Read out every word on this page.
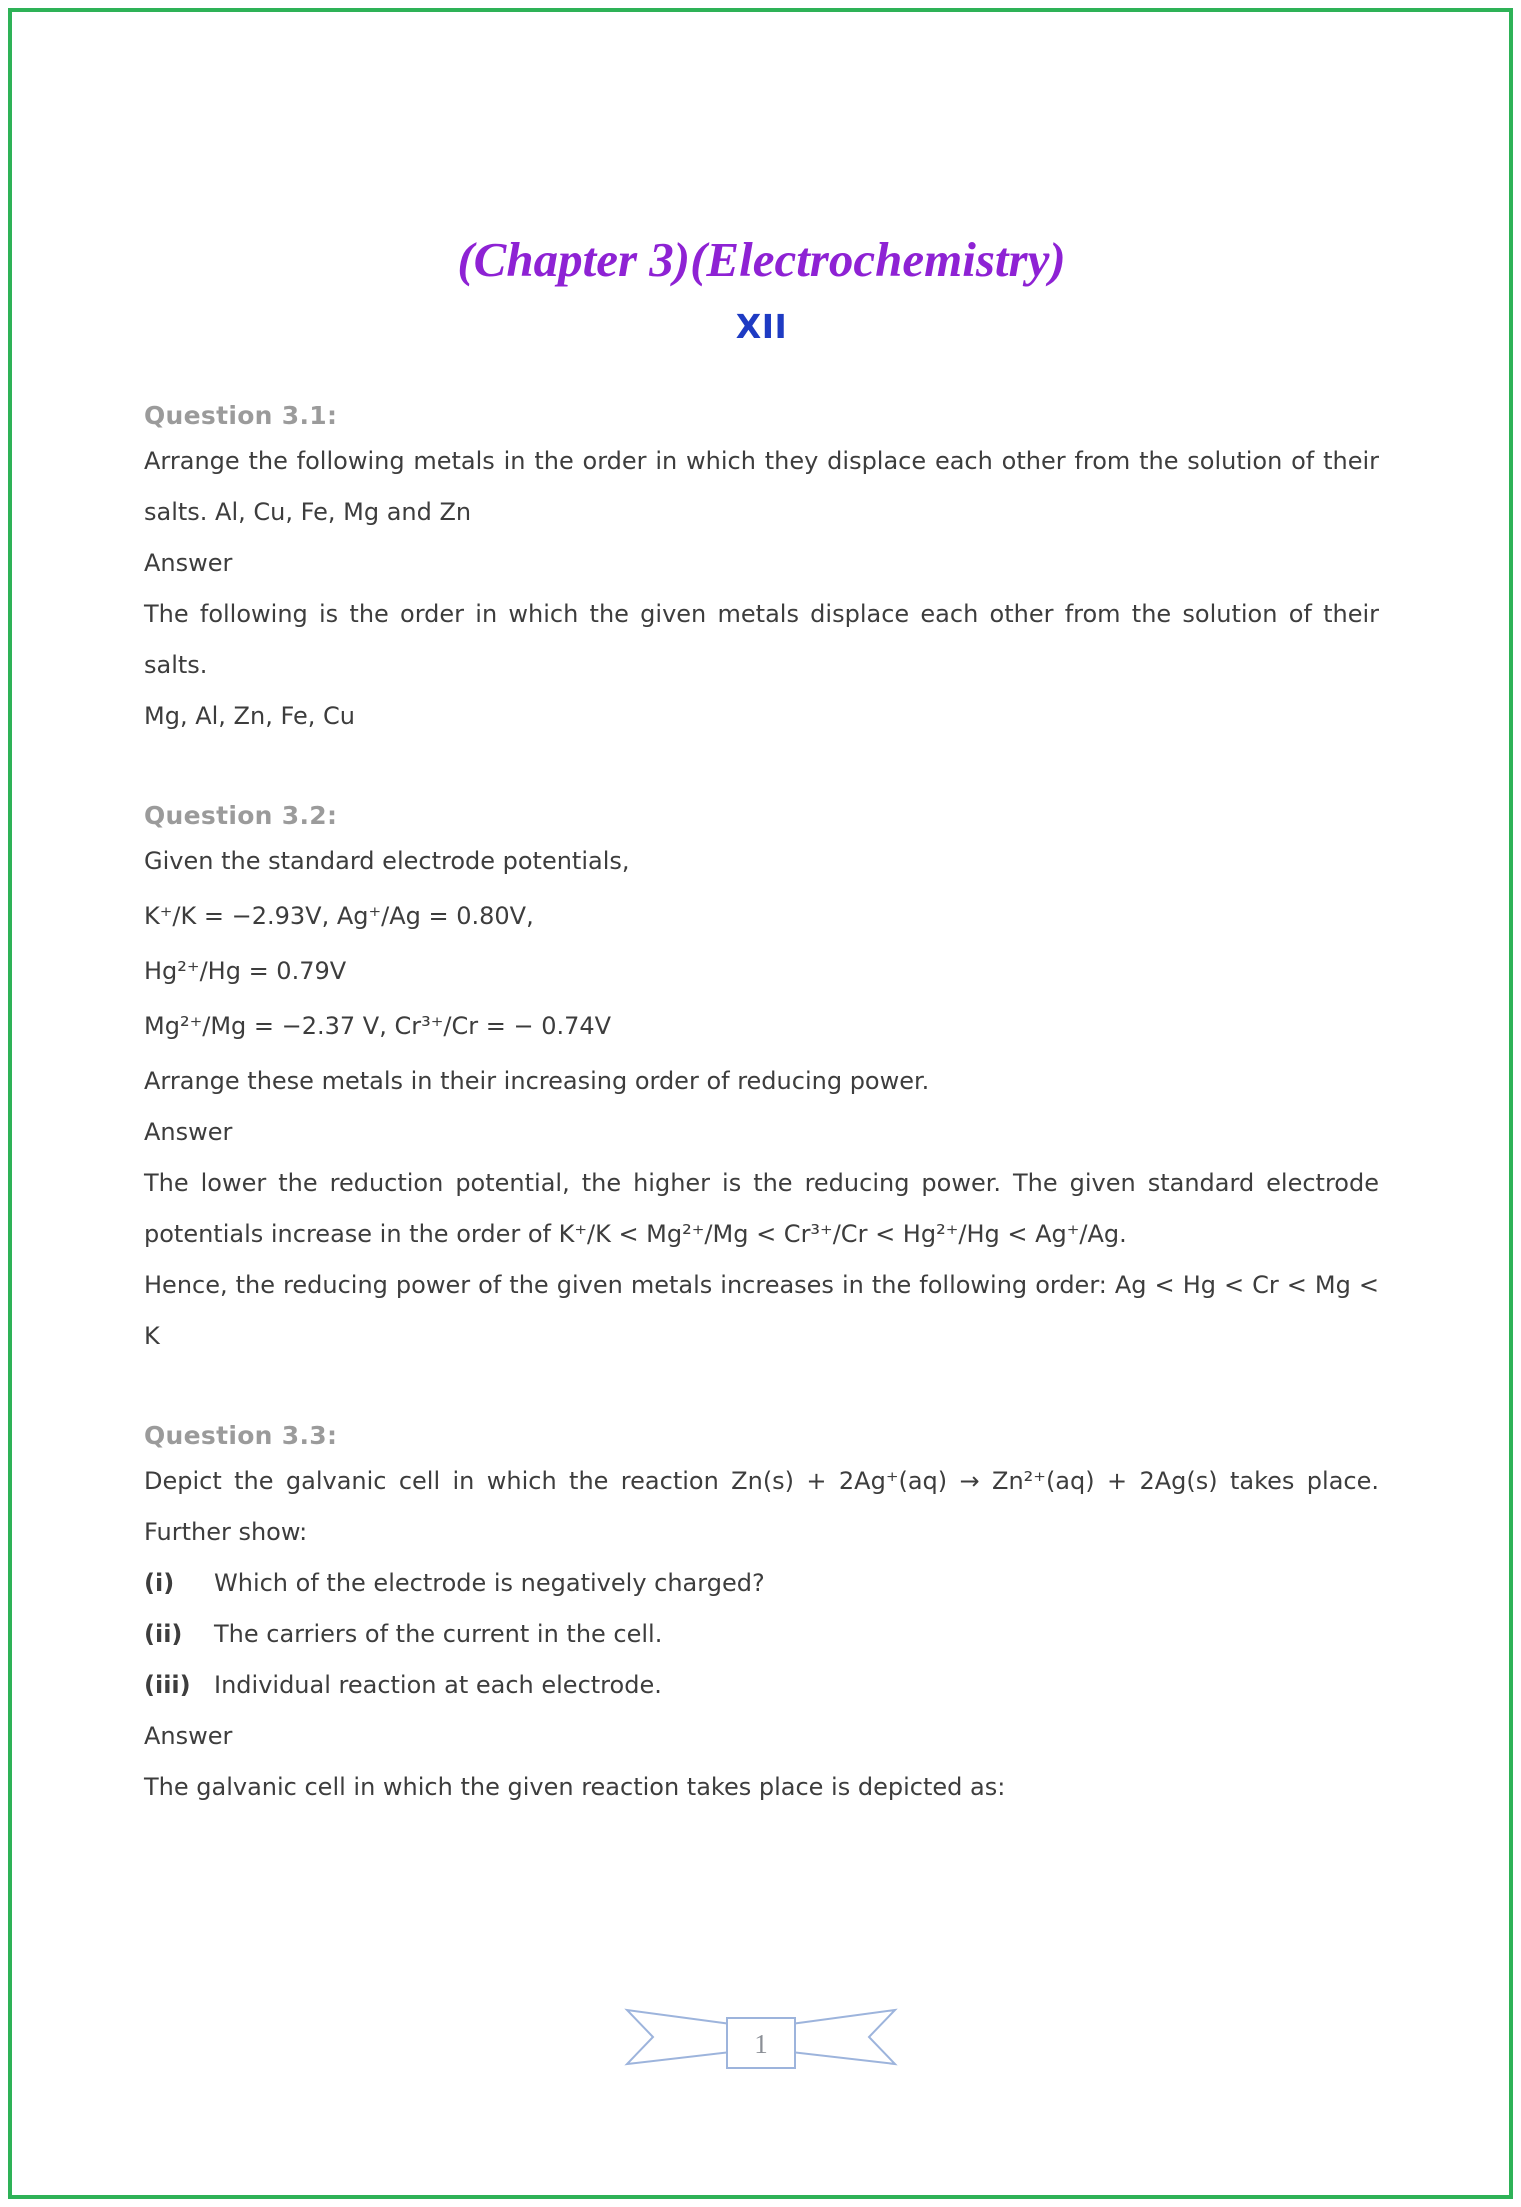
(Chapter 3)(Electrochemistry)
XII
Question 3.1:

Arrange the following metals in the order in which they displace each other from the solution of their salts. Al, Cu, Fe, Mg and Zn

Answer

The following is the order in which the given metals displace each other from the solution of their salts.

Mg, Al, Zn, Fe, Cu

Question 3.2:

Given the standard electrode potentials,

K⁺/K = −2.93V, Ag⁺/Ag = 0.80V,

Hg²⁺/Hg = 0.79V

Mg²⁺/Mg = −2.37 V, Cr³⁺/Cr = − 0.74V

Arrange these metals in their increasing order of reducing power.

Answer

The lower the reduction potential, the higher is the reducing power. The given standard electrode potentials increase in the order of K⁺/K < Mg²⁺/Mg < Cr³⁺/Cr < Hg²⁺/Hg < Ag⁺/Ag.

Hence, the reducing power of the given metals increases in the following order: Ag < Hg < Cr < Mg < K

Question 3.3:

Depict the galvanic cell in which the reaction Zn(s) + 2Ag⁺(aq) → Zn²⁺(aq) + 2Ag(s) takes place. Further show:

(i)	Which of the electrode is negatively charged?

(ii)	The carriers of the current in the cell.

(iii) Individual reaction at each electrode.

Answer

The galvanic cell in which the given reaction takes place is depicted as:

1
